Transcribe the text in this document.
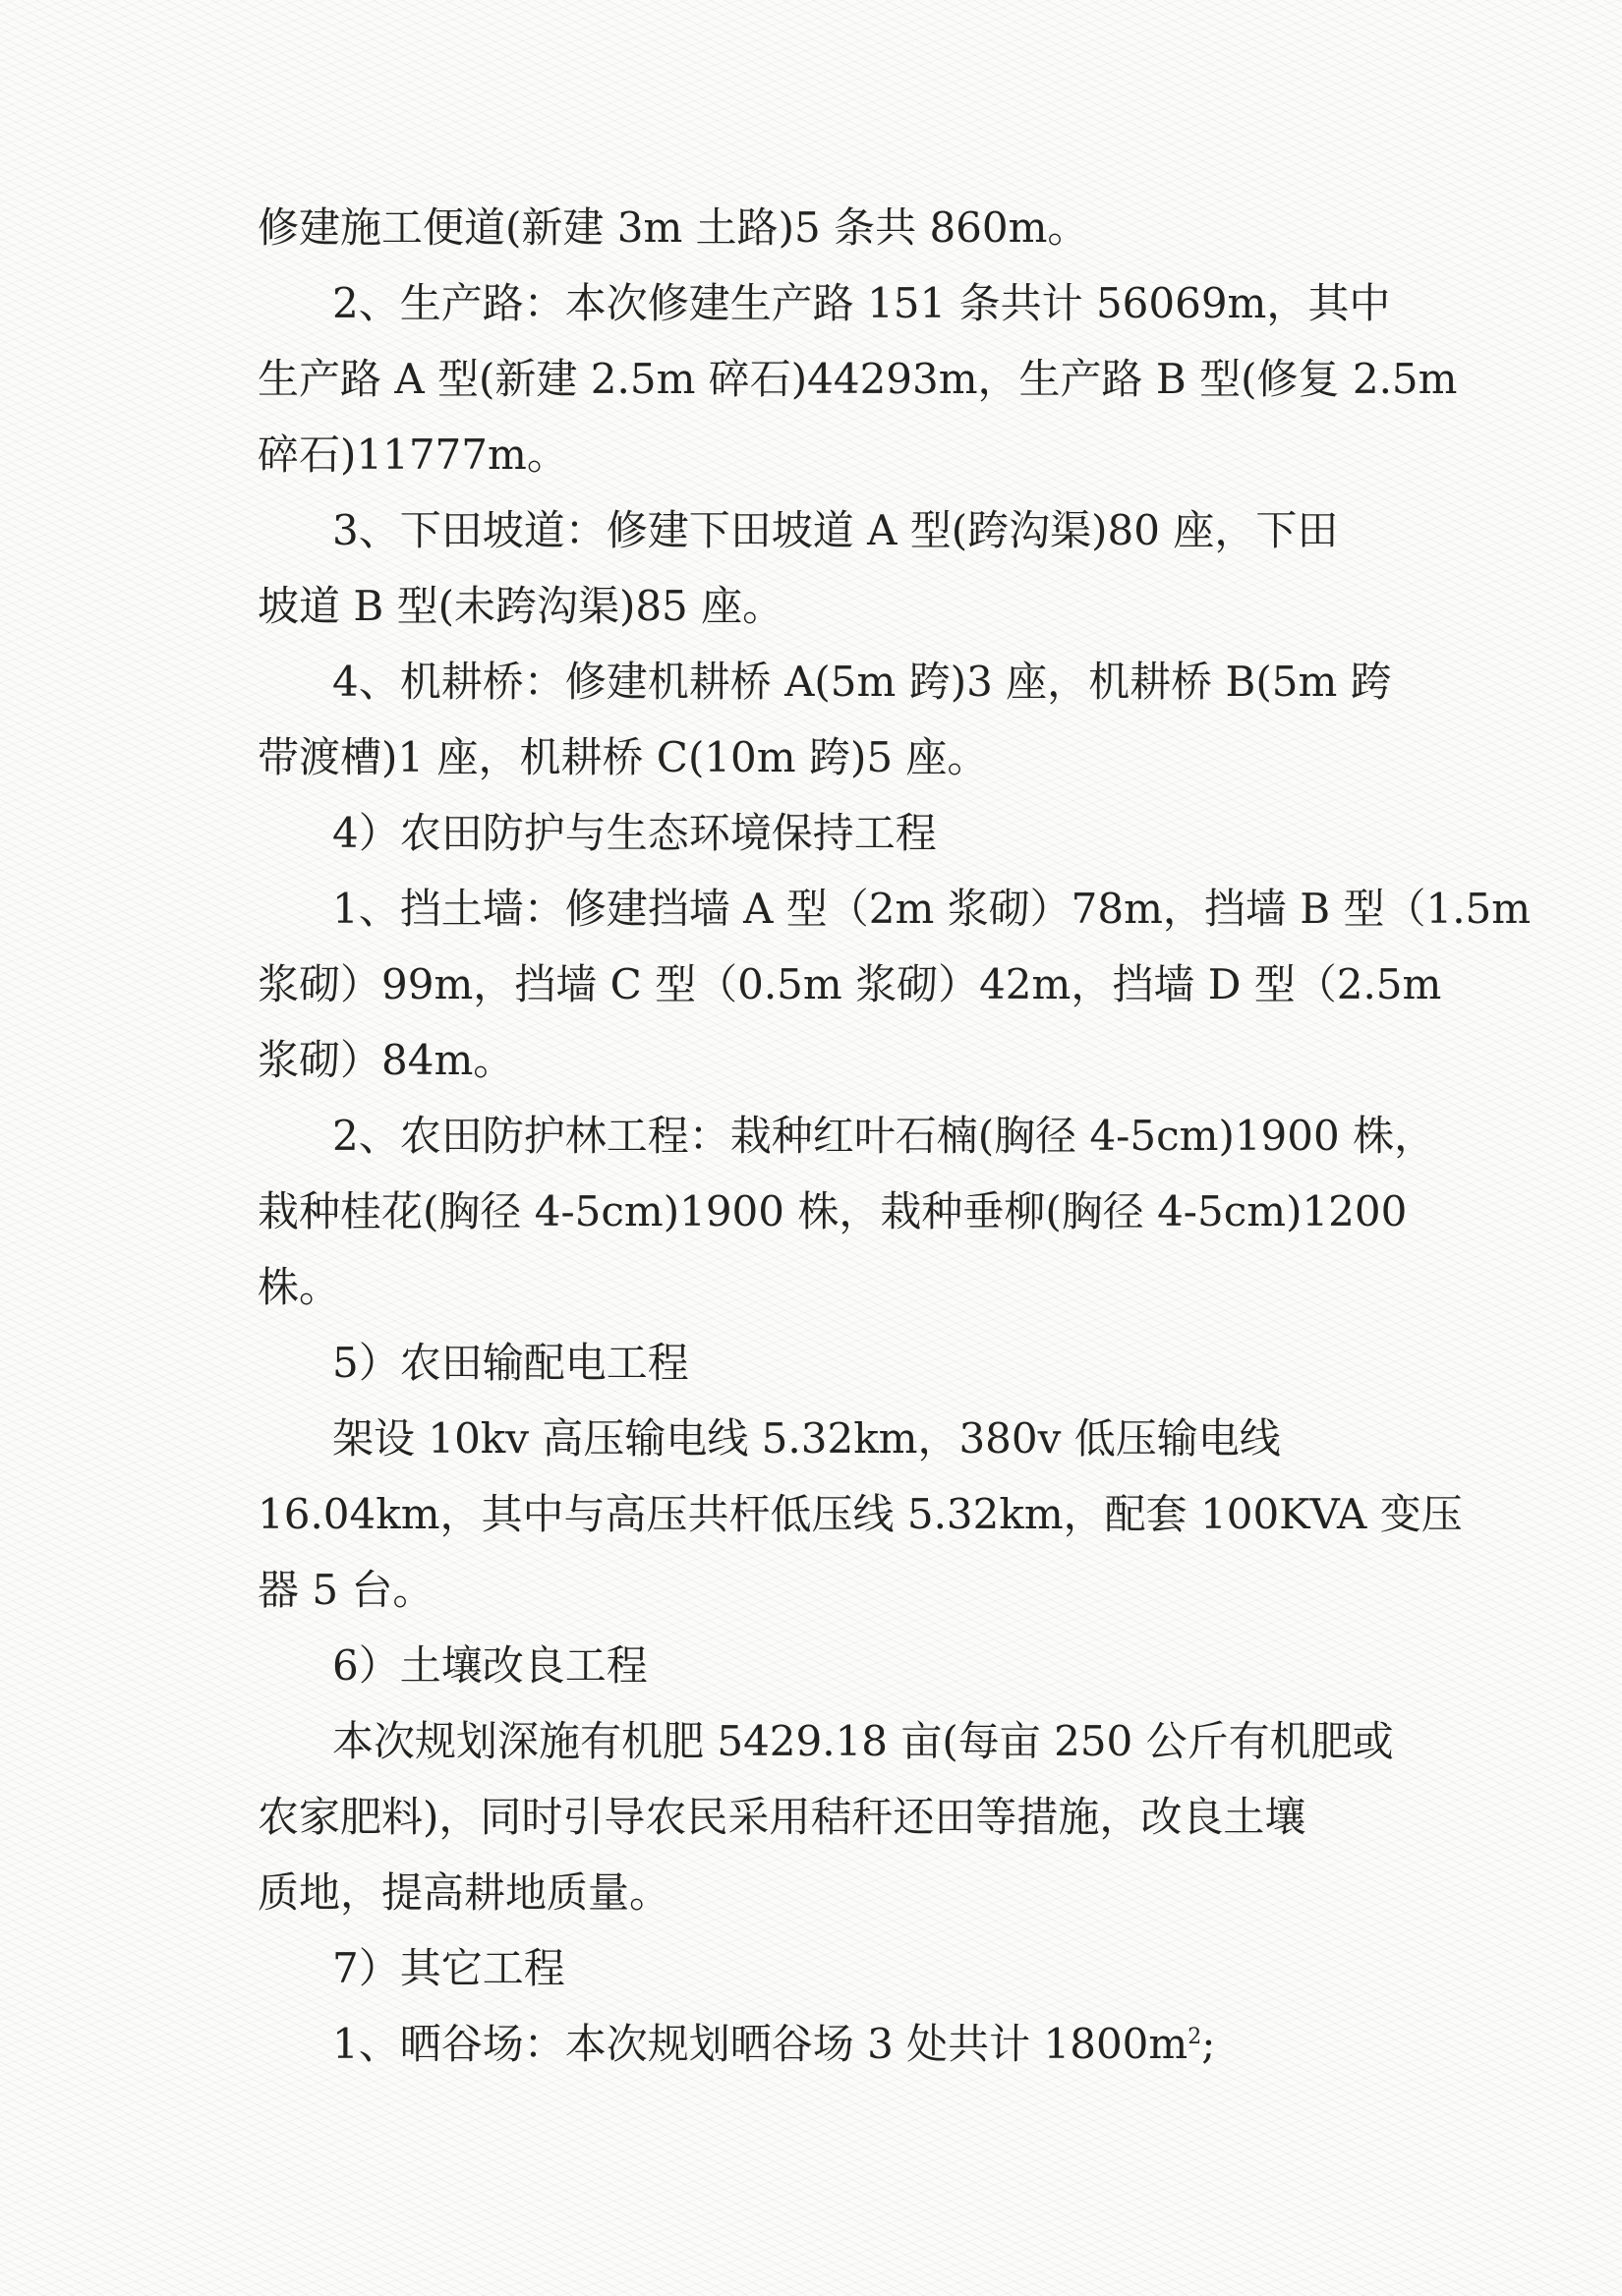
修建施工便道(新建 3m 土路)5 条共 860m。
2、生产路：本次修建生产路 151 条共计 56069m，其中
生产路 A 型(新建 2.5m 碎石)44293m，生产路 B 型(修复 2.5m
碎石)11777m。
3、下田坡道：修建下田坡道 A 型(跨沟渠)80 座，下田
坡道 B 型(未跨沟渠)85 座。
4、机耕桥：修建机耕桥 A(5m 跨)3 座，机耕桥 B(5m 跨
带渡槽)1 座，机耕桥 C(10m 跨)5 座。
4）农田防护与生态环境保持工程
1、挡土墙：修建挡墙 A 型（2m 浆砌）78m，挡墙 B 型（1.5m
浆砌）99m，挡墙 C 型（0.5m 浆砌）42m，挡墙 D 型（2.5m
浆砌）84m。
2、农田防护林工程：栽种红叶石楠(胸径 4-5cm)1900 株，
栽种桂花(胸径 4-5cm)1900 株，栽种垂柳(胸径 4-5cm)1200
株。
5）农田输配电工程
架设 10kv 高压输电线 5.32km，380v 低压输电线
16.04km，其中与高压共杆低压线 5.32km，配套 100KVA 变压
器 5 台。
6）土壤改良工程
本次规划深施有机肥 5429.18 亩(每亩 250 公斤有机肥或
农家肥料)，同时引导农民采用秸秆还田等措施，改良土壤
质地，提高耕地质量。
7）其它工程
1、晒谷场：本次规划晒谷场 3 处共计 $1800m^2$;
